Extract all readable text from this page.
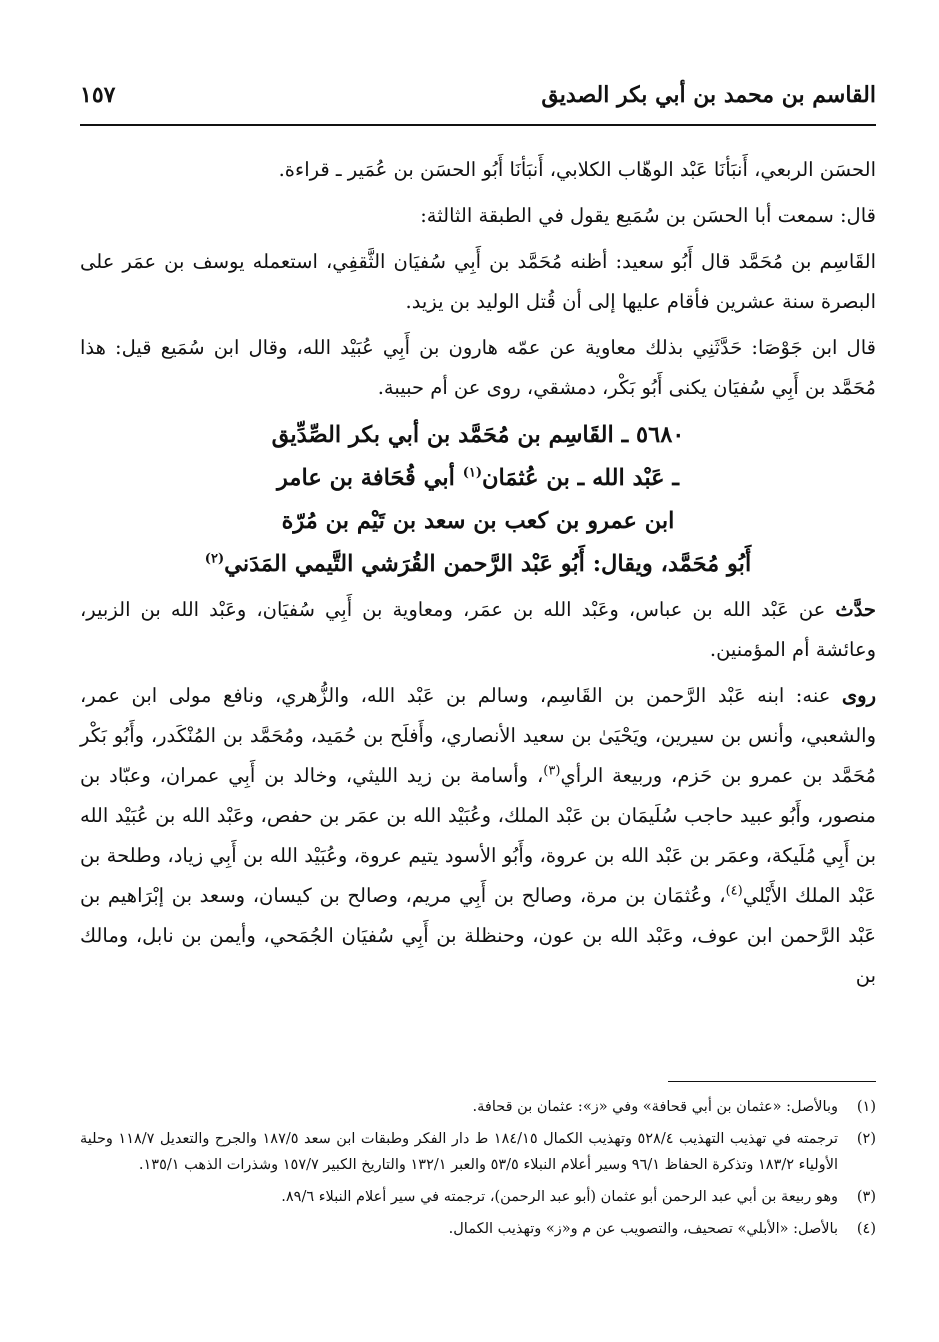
القاسم بن محمد بن أبي بكر الصديق
١٥٧

الحسَن الربعي، أَنبَأنَا عَبْد الوهّاب الكلابي، أَنبَأنَا أَبُو الحسَن بن عُمَير ـ قراءة.

قال: سمعت أبا الحسَن بن سُمَيع يقول في الطبقة الثالثة:

القَاسِم بن مُحَمَّد قال أَبُو سعيد: أظنه مُحَمَّد بن أَبِي سُفيَان الثَّقفِي، استعمله يوسف بن عمَر على البصرة سنة عشرين فأقام عليها إلى أن قُتل الوليد بن يزيد.

قال ابن جَوْصَا: حَدَّثَنِي بذلك معاوية عن عمّه هارون بن أَبِي عُبَيْد الله، وقال ابن سُمَيع قيل: هذا مُحَمَّد بن أَبِي سُفيَان يكنى أَبُو بَكْر، دمشقي، روى عن أم حبيبة.

٥٦٨٠ ـ القَاسِم بن مُحَمَّد بن أبي بكر الصِّدِّيق
ـ عَبْد الله ـ بن عُثمَان$^{(١)}$ أبي قُحَافة بن عامر
ابن عمرو بن كعب بن سعد بن تَيْم بن مُرّة
أَبُو مُحَمَّد، ويقال: أَبُو عَبْد الرَّحمن القُرَشي التَّيمي المَدَني$^{(٢)}$

حدَّث عن عَبْد الله بن عباس، وعَبْد الله بن عمَر، ومعاوية بن أَبِي سُفيَان، وعَبْد الله بن الزبير، وعائشة أم المؤمنين.

روى عنه: ابنه عَبْد الرَّحمن بن القَاسِم، وسالم بن عَبْد الله، والزُّهري، ونافع مولى ابن عمر، والشعبي، وأنس بن سيرين، ويَحْيَىٰ بن سعيد الأنصاري، وأَفلَح بن حُمَيد، ومُحَمَّد بن المُنْكَدر، وأَبُو بَكْر مُحَمَّد بن عمرو بن حَزم، وربيعة الرأي$^{(٣)}$، وأسامة بن زيد الليثي، وخالد بن أَبِي عمران، وعبّاد بن منصور، وأَبُو عبيد حاجب سُلَيمَان بن عَبْد الملك، وعُبَيْد الله بن عمَر بن حفص، وعَبْد الله بن عُبَيْد الله بن أَبِي مُلَيكة، وعمَر بن عَبْد الله بن عروة، وأَبُو الأسود يتيم عروة، وعُبَيْد الله بن أَبِي زياد، وطلحة بن عَبْد الملك الأَيْلي$^{(٤)}$، وعُثمَان بن مرة، وصالح بن أَبِي مريم، وصالح بن كيسان، وسعد بن إبْرَاهيم بن عَبْد الرَّحمن ابن عوف، وعَبْد الله بن عون، وحنظلة بن أَبِي سُفيَان الجُمَحي، وأيمن بن نابل، ومالك بن

(١)
وبالأصل: «عثمان بن أبي قحافة» وفي «ز»: عثمان بن قحافة.
(٢)
ترجمته في تهذيب التهذيب ٥٢٨/٤ وتهذيب الكمال ١٨٤/١٥ ط دار الفكر وطبقات ابن سعد ١٨٧/٥ والجرح والتعديل ١١٨/٧ وحلية الأولياء ١٨٣/٢ وتذكرة الحفاظ ٩٦/١ وسير أعلام النبلاء ٥٣/٥ والعبر ١٣٢/١ والتاريخ الكبير ١٥٧/٧ وشذرات الذهب ١٣٥/١.
(٣)
وهو ربيعة بن أبي عبد الرحمن أبو عثمان (أبو عبد الرحمن)، ترجمته في سير أعلام النبلاء ٨٩/٦.
(٤)
بالأصل: «الأبلي» تصحيف، والتصويب عن م و«ز» وتهذيب الكمال.
